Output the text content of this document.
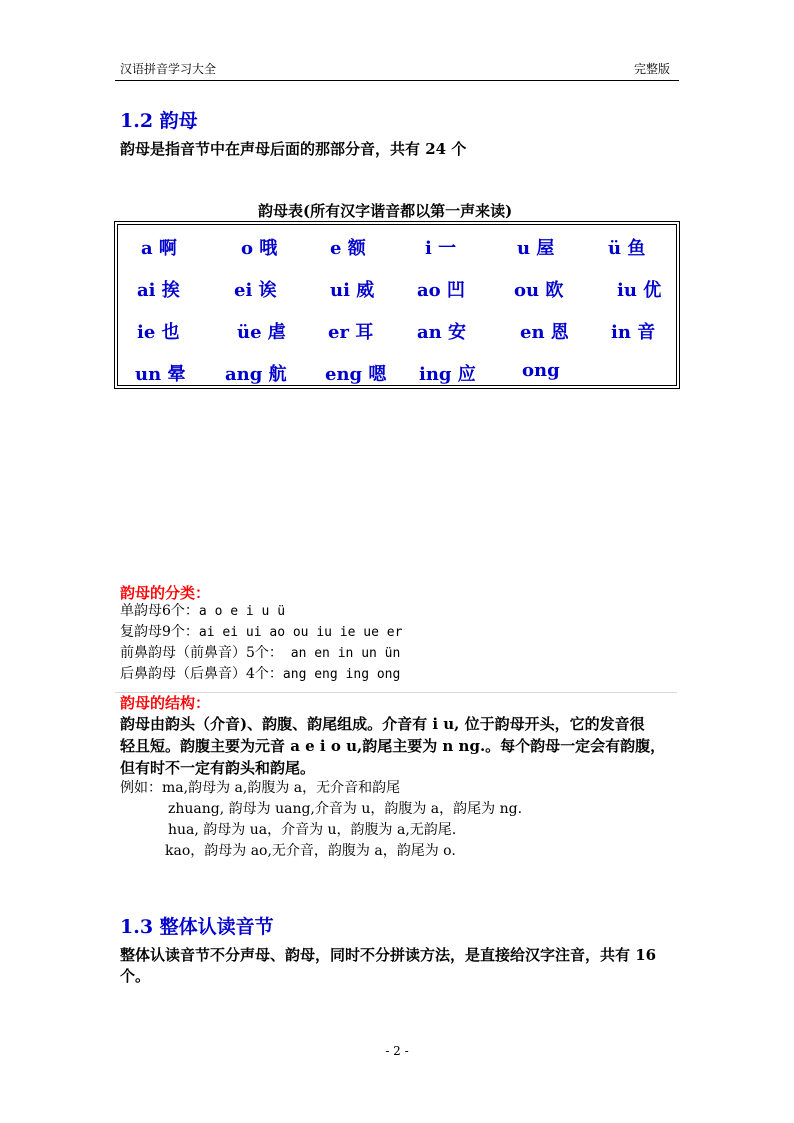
汉语拼音学习大全	完整版
1.2 韵母
韵母是指音节中在声母后面的那部分音，共有 24 个
韵母表(所有汉字谐音都以第一声来读)
a 啊	o 哦	e 额	i 一	u 屋	ü 鱼
ai 挨	ei 诶	ui 威 ao 凹	ou 欧	iu 优
ie 也	üe 虐 er 耳 an 安	en 恩 in 音
un 晕 ang 航 eng 嗯 ing 应	ong
韵母的分类：
单韵母6个：a o e i u ü
复韵母9个：ai ei ui ao ou iu ie ue er
前鼻韵母（前鼻音）5个： an en in un ün
后鼻韵母（后鼻音）4个：ang eng ing ong
韵母的结构：
韵母由韵头（介音)、韵腹、韵尾组成。介音有 i u, 位于韵母开头，它的发音很
轻且短。韵腹主要为元音 a e i o u,韵尾主要为 n ng.。每个韵母一定会有韵腹，
但有时不一定有韵头和韵尾。
例如：ma,韵母为 a,韵腹为 a，无介音和韵尾
zhuang, 韵母为 uang,介音为 u，韵腹为 a，韵尾为 ng.
hua, 韵母为 ua，介音为 u，韵腹为 a,无韵尾.
kao，韵母为 ao,无介音，韵腹为 a，韵尾为 o.
1.3 整体认读音节
整体认读音节不分声母、韵母，同时不分拼读方法，是直接给汉字注音，共有 16
个。
- 2 -
